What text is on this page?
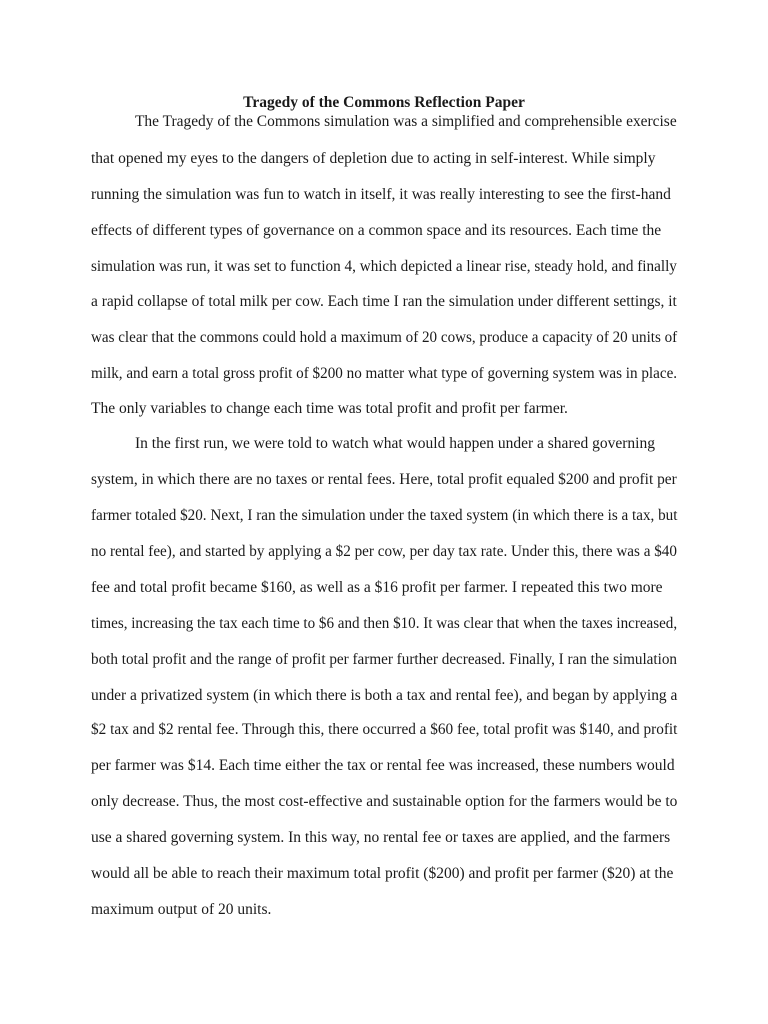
Tragedy of the Commons Reflection Paper

The Tragedy of the Commons simulation was a simplified and comprehensible exercise

that opened my eyes to the dangers of depletion due to acting in self-interest. While simply

running the simulation was fun to watch in itself, it was really interesting to see the first-hand

effects of different types of governance on a common space and its resources. Each time the

simulation was run, it was set to function 4, which depicted a linear rise, steady hold, and finally

a rapid collapse of total milk per cow. Each time I ran the simulation under different settings, it

was clear that the commons could hold a maximum of 20 cows, produce a capacity of 20 units of

milk, and earn a total gross profit of $200 no matter what type of governing system was in place.

The only variables to change each time was total profit and profit per farmer.

In the first run, we were told to watch what would happen under a shared governing

system, in which there are no taxes or rental fees. Here, total profit equaled $200 and profit per

farmer totaled $20. Next, I ran the simulation under the taxed system (in which there is a tax, but

no rental fee), and started by applying a $2 per cow, per day tax rate. Under this, there was a $40

fee and total profit became $160, as well as a $16 profit per farmer. I repeated this two more

times, increasing the tax each time to $6 and then $10. It was clear that when the taxes increased,

both total profit and the range of profit per farmer further decreased. Finally, I ran the simulation

under a privatized system (in which there is both a tax and rental fee), and began by applying a

$2 tax and $2 rental fee. Through this, there occurred a $60 fee, total profit was $140, and profit

per farmer was $14. Each time either the tax or rental fee was increased, these numbers would

only decrease. Thus, the most cost-effective and sustainable option for the farmers would be to

use a shared governing system. In this way, no rental fee or taxes are applied, and the farmers

would all be able to reach their maximum total profit ($200) and profit per farmer ($20) at the

maximum output of 20 units.
